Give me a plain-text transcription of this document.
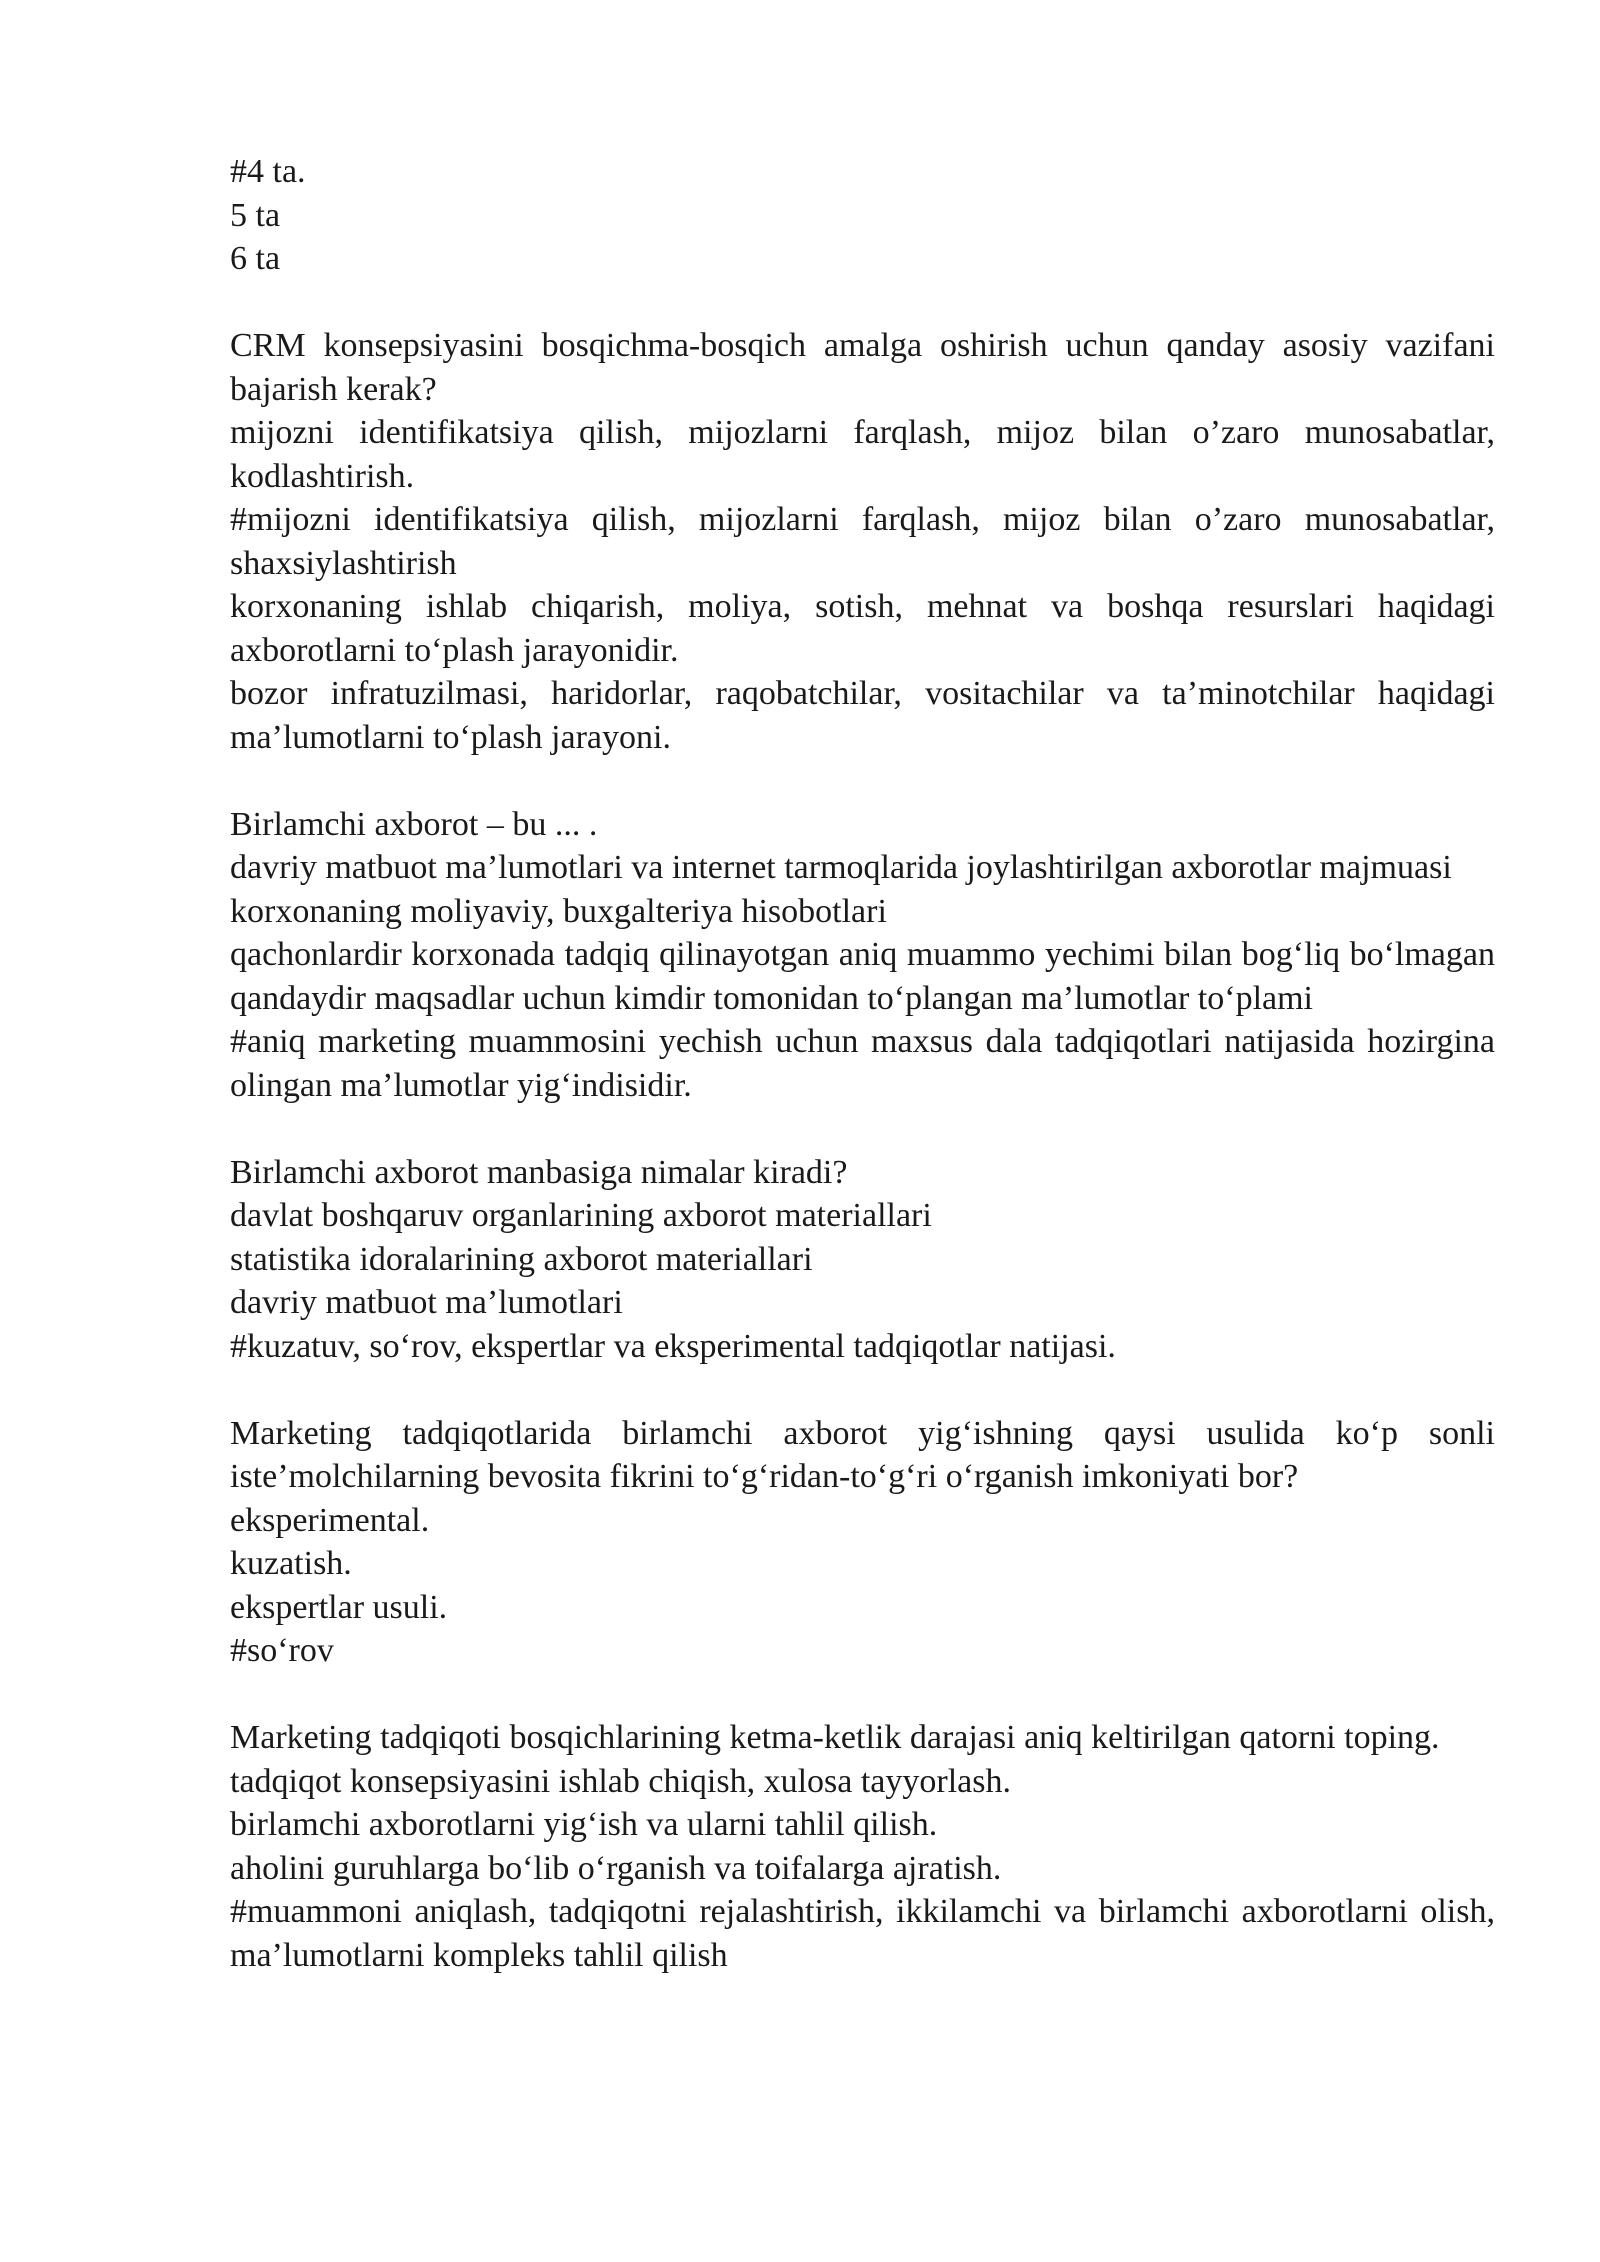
#4 ta.
5 ta
6 ta
CRM konsepsiyasini bosqichma-bosqich amalga oshirish uchun qanday asosiy vazifani bajarish kerak?
mijozni identifikatsiya qilish, mijozlarni farqlash, mijoz bilan o’zaro munosabatlar, kodlashtirish.
#mijozni identifikatsiya qilish, mijozlarni farqlash, mijoz bilan o’zaro munosabatlar, shaxsiylashtirish
korxonaning ishlab chiqarish, moliya, sotish, mehnat va boshqa resurslari haqidagi axborotlarni to‘plash jarayonidir.
bozor infratuzilmasi, haridorlar, raqobatchilar, vositachilar va ta’minotchilar haqidagi ma’lumotlarni to‘plash jarayoni.
Birlamchi axborot – bu ... .
davriy matbuot ma’lumotlari va internet tarmoqlarida joylashtirilgan axborotlar majmuasi
korxonaning moliyaviy, buxgalteriya hisobotlari
qachonlardir korxonada tadqiq qilinayotgan aniq muammo yechimi bilan bog‘liq bo‘lmagan qandaydir maqsadlar uchun kimdir tomonidan to‘plangan ma’lumotlar to‘plami
#aniq marketing muammosini yechish uchun maxsus dala tadqiqotlari natijasida hozirgina olingan ma’lumotlar yig‘indisidir.
Birlamchi axborot manbasiga nimalar kiradi?
davlat boshqaruv organlarining axborot materiallari
statistika idoralarining axborot materiallari
davriy matbuot ma’lumotlari
#kuzatuv, so‘rov, ekspertlar va eksperimental tadqiqotlar natijasi.
Marketing tadqiqotlarida birlamchi axborot yig‘ishning qaysi usulida ko‘p sonli iste’molchilarning bevosita fikrini to‘g‘ridan-to‘g‘ri o‘rganish imkoniyati bor?
eksperimental.
kuzatish.
ekspertlar usuli.
#so‘rov
Marketing tadqiqoti bosqichlarining ketma-ketlik darajasi aniq keltirilgan qatorni toping.
tadqiqot konsepsiyasini ishlab chiqish, xulosa tayyorlash.
birlamchi axborotlarni yig‘ish va ularni tahlil qilish.
aholini guruhlarga bo‘lib o‘rganish va toifalarga ajratish.
#muammoni aniqlash, tadqiqotni rejalashtirish, ikkilamchi va birlamchi axborotlarni olish, ma’lumotlarni kompleks tahlil qilish
